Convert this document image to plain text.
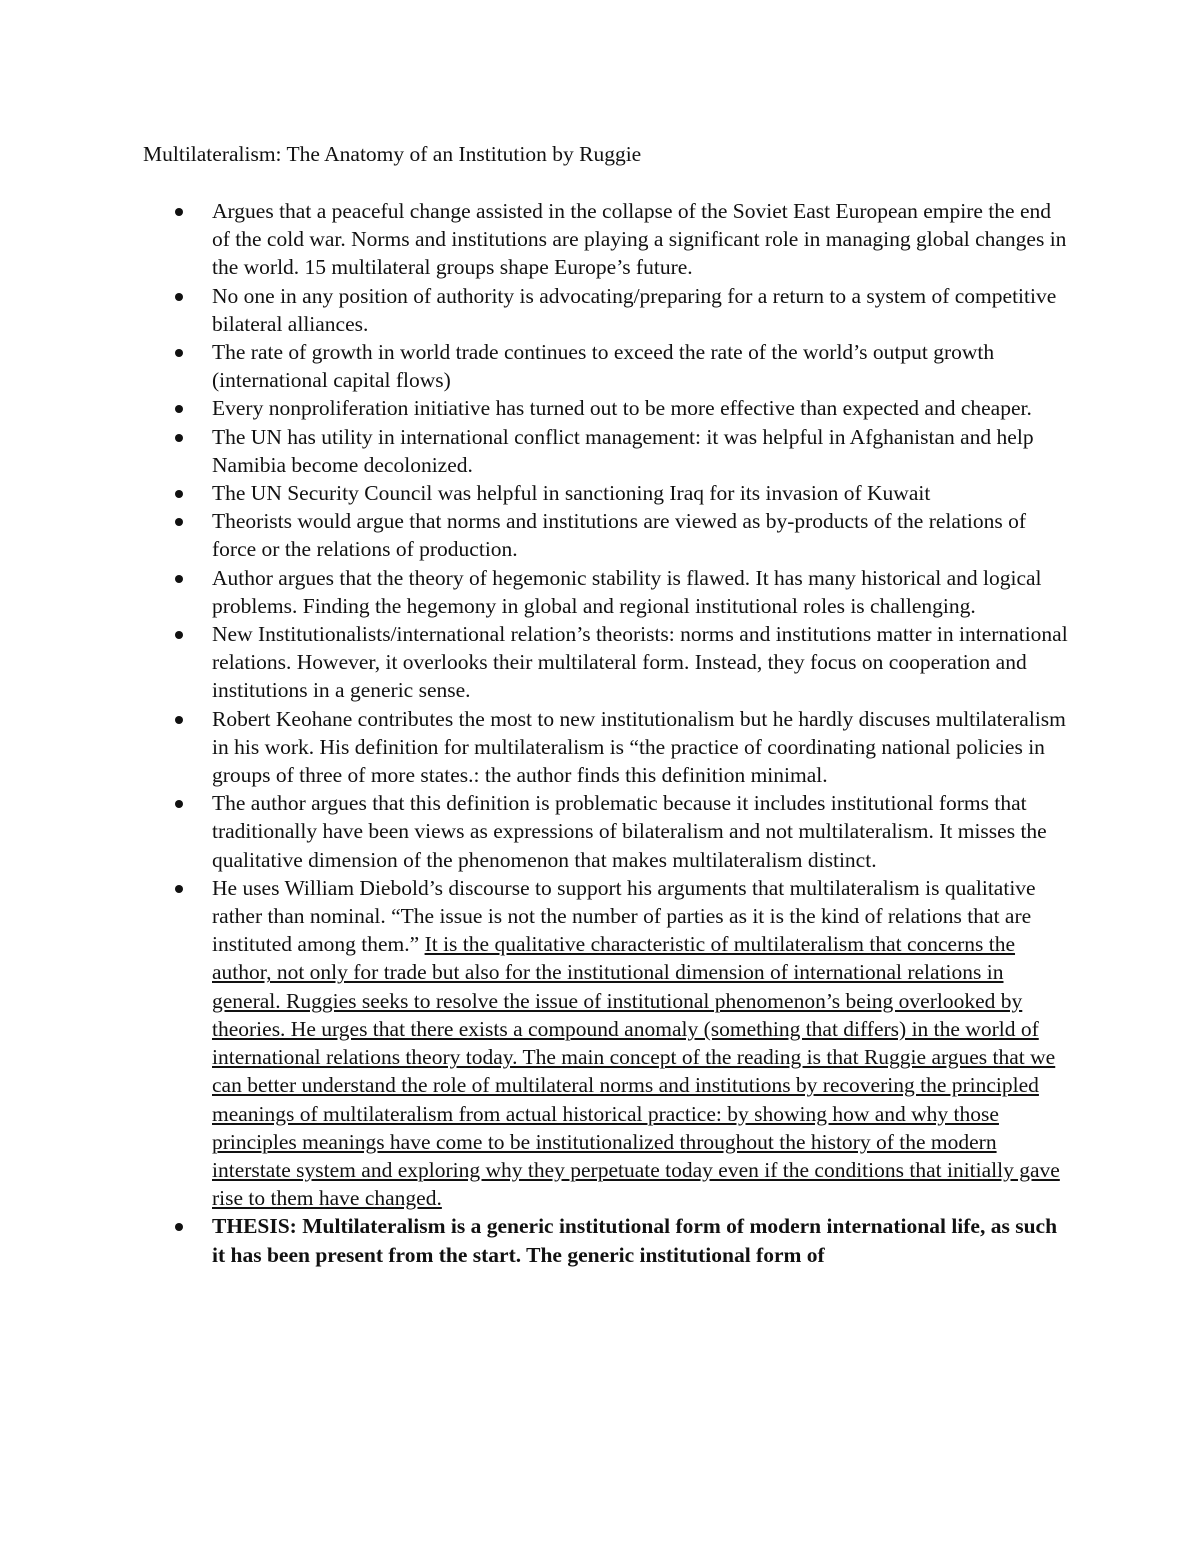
Multilateralism: The Anatomy of an Institution by Ruggie
Argues that a peaceful change assisted in the collapse of the Soviet East European empire the end of the cold war. Norms and institutions are playing a significant role in managing global changes in the world. 15 multilateral groups shape Europe’s future.
No one in any position of authority is advocating/preparing for a return to a system of competitive bilateral alliances.
The rate of growth in world trade continues to exceed the rate of the world’s output growth (international capital flows)
Every nonproliferation initiative has turned out to be more effective than expected and cheaper.
The UN has utility in international conflict management: it was helpful in Afghanistan and help Namibia become decolonized.
The UN Security Council was helpful in sanctioning Iraq for its invasion of Kuwait
Theorists would argue that norms and institutions are viewed as by-products of the relations of force or the relations of production.
Author argues that the theory of hegemonic stability is flawed. It has many historical and logical problems. Finding the hegemony in global and regional institutional roles is challenging.
New Institutionalists/international relation’s theorists: norms and institutions matter in international relations. However, it overlooks their multilateral form. Instead, they focus on cooperation and institutions in a generic sense.
Robert Keohane contributes the most to new institutionalism but he hardly discuses multilateralism in his work. His definition for multilateralism is “the practice of coordinating national policies in groups of three of more states.: the author finds this definition minimal.
The author argues that this definition is problematic because it includes institutional forms that traditionally have been views as expressions of bilateralism and not multilateralism. It misses the qualitative dimension of the phenomenon that makes multilateralism distinct.
He uses William Diebold’s discourse to support his arguments that multilateralism is qualitative rather than nominal. “The issue is not the number of parties as it is the kind of relations that are instituted among them.” It is the qualitative characteristic of multilateralism that concerns the author, not only for trade but also for the institutional dimension of international relations in general. Ruggies seeks to resolve the issue of institutional phenomenon’s being overlooked by theories. He urges that there exists a compound anomaly (something that differs) in the world of international relations theory today. The main concept of the reading is that Ruggie argues that we can better understand the role of multilateral norms and institutions by recovering the principled meanings of multilateralism from actual historical practice: by showing how and why those principles meanings have come to be institutionalized throughout the history of the modern interstate system and exploring why they perpetuate today even if the conditions that initially gave rise to them have changed.
THESIS: Multilateralism is a generic institutional form of modern international life, as such it has been present from the start. The generic institutional form of
